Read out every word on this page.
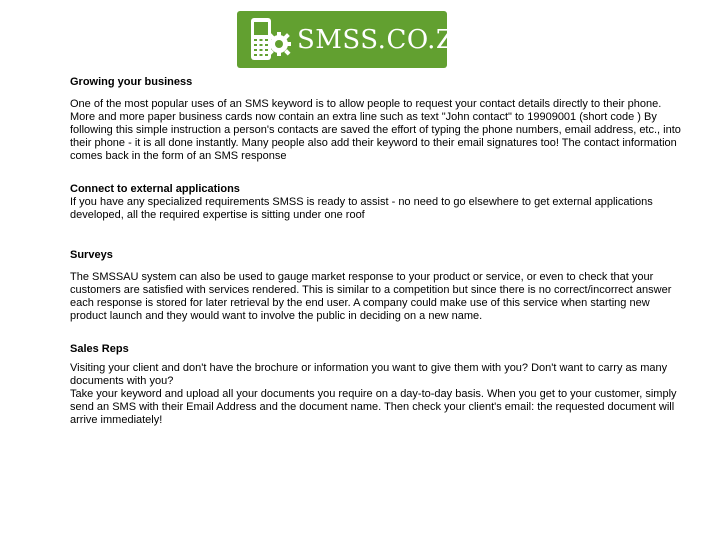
SMSS.CO.ZA

Growing your business

One of the most popular uses of an SMS keyword is to allow people to request your contact details directly to their phone. More and more paper business cards now contain an extra line such as text "John contact" to 19909001 (short code ) By following this simple instruction a person's contacts are saved the effort of typing the phone numbers, email address, etc., into their phone - it is all done instantly. Many people also add their keyword to their email signatures too! The contact information comes back in the form of an SMS response

Connect to external applications

If you have any specialized requirements SMSS is ready to assist - no need to go elsewhere to get external applications developed, all the required expertise is sitting under one roof

Surveys

The SMSSAU system can also be used to gauge market response to your product or service, or even to check that your customers are satisfied with services rendered. This is similar to a competition but since there is no correct/incorrect answer each response is stored for later retrieval by the end user. A company could make use of this service when starting new product launch and they would want to involve the public in deciding on a new name.

Sales Reps

Visiting your client and don't have the brochure or information you want to give them with you? Don't want to carry as many documents with you?

Take your keyword and upload all your documents you require on a day-to-day basis. When you get to your customer, simply send an SMS with their Email Address and the document name. Then check your client's email: the requested document will arrive immediately!
